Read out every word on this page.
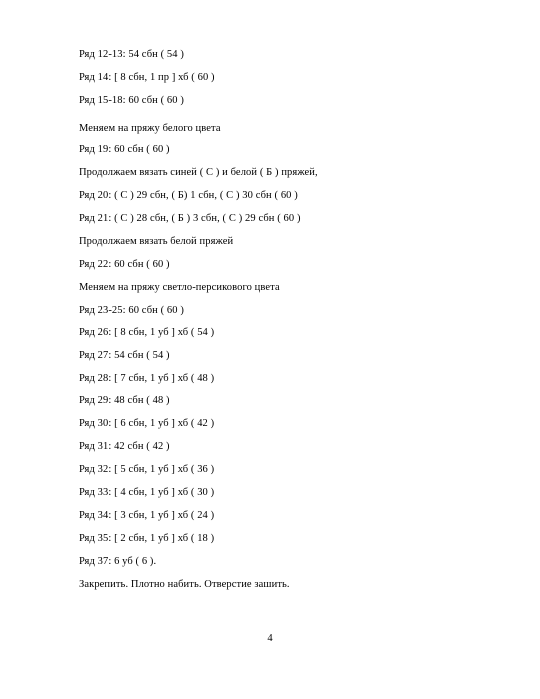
Ряд 12-13: 54 сбн ( 54 )
Ряд 14: [ 8 сбн, 1 пр ] хб ( 60 )
Ряд 15-18: 60 сбн ( 60 )
Меняем на пряжу белого цвета
Ряд 19: 60 сбн ( 60 )
Продолжаем вязать синей ( С ) и белой ( Б ) пряжей,
Ряд 20: ( С ) 29 сбн, ( Б) 1 сбн, ( С ) 30 сбн ( 60 )
Ряд 21: ( С ) 28 сбн, ( Б ) 3 сбн, ( С ) 29 сбн ( 60 )
Продолжаем вязать белой пряжей
Ряд 22: 60 сбн ( 60 )
Меняем на пряжу светло-персикового цвета
Ряд 23-25: 60 сбн ( 60 )
Ряд 26: [ 8 сбн, 1 уб ] хб ( 54 )
Ряд 27: 54 сбн ( 54 )
Ряд 28: [ 7 сбн, 1 уб ] хб ( 48 )
Ряд 29: 48 сбн ( 48 )
Ряд 30: [ 6 сбн, 1 уб ] хб ( 42 )
Ряд 31: 42 сбн ( 42 )
Ряд 32: [ 5 сбн, 1 уб ] хб ( 36 )
Ряд 33: [ 4 сбн, 1 уб ] хб ( 30 )
Ряд 34: [ 3 сбн, 1 уб ] хб ( 24 )
Ряд 35: [ 2 сбн, 1 уб ] хб ( 18 )
Ряд 37: 6 уб ( 6 ).
Закрепить. Плотно набить. Отверстие зашить.
4
